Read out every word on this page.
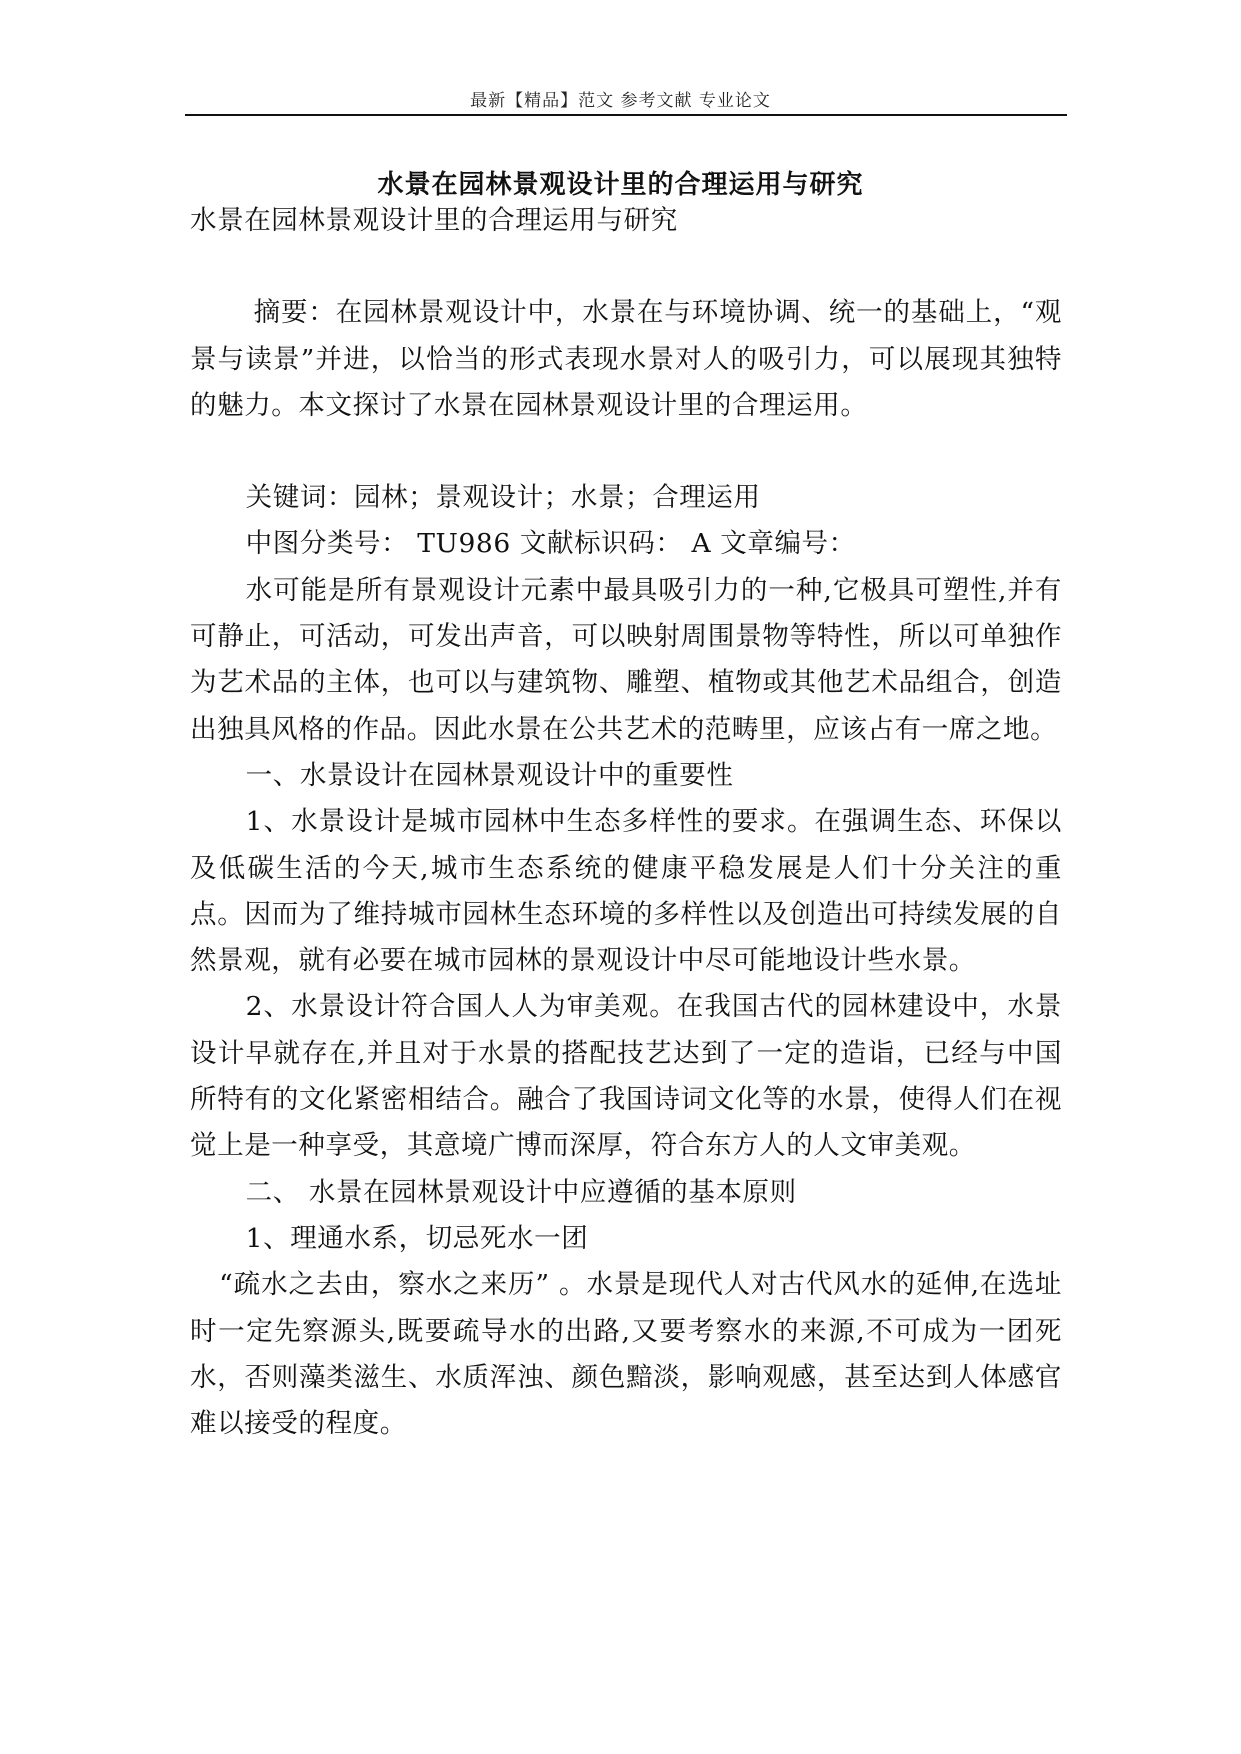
最新【精品】范文 参考文献 专业论文
水景在园林景观设计里的合理运用与研究

水景在园林景观设计里的合理运用与研究

摘要：在园林景观设计中，水景在与环境协调、统一的基础上，“观景与读景”并进，以恰当的形式表现水景对人的吸引力，可以展现其独特的魅力。本文探讨了水景在园林景观设计里的合理运用。

关键词：园林；景观设计；水景；合理运用

中图分类号： TU986 文献标识码： A 文章编号：

水可能是所有景观设计元素中最具吸引力的一种,它极具可塑性,并有可静止，可活动，可发出声音，可以映射周围景物等特性，所以可单独作为艺术品的主体，也可以与建筑物、雕塑、植物或其他艺术品组合，创造出独具风格的作品。因此水景在公共艺术的范畴里，应该占有一席之地。

一、水景设计在园林景观设计中的重要性

1、水景设计是城市园林中生态多样性的要求。在强调生态、环保以及低碳生活的今天,城市生态系统的健康平稳发展是人们十分关注的重点。因而为了维持城市园林生态环境的多样性以及创造出可持续发展的自然景观，就有必要在城市园林的景观设计中尽可能地设计些水景。

2、水景设计符合国人人为审美观。在我国古代的园林建设中，水景设计早就存在,并且对于水景的搭配技艺达到了一定的造诣，已经与中国所特有的文化紧密相结合。融合了我国诗词文化等的水景，使得人们在视觉上是一种享受，其意境广博而深厚，符合东方人的人文审美观。

二、 水景在园林景观设计中应遵循的基本原则

1、理通水系，切忌死水一团

“疏水之去由，察水之来历” 。水景是现代人对古代风水的延伸,在选址时一定先察源头,既要疏导水的出路,又要考察水的来源,不可成为一团死水，否则藻类滋生、水质浑浊、颜色黯淡，影响观感，甚至达到人体感官难以接受的程度。
